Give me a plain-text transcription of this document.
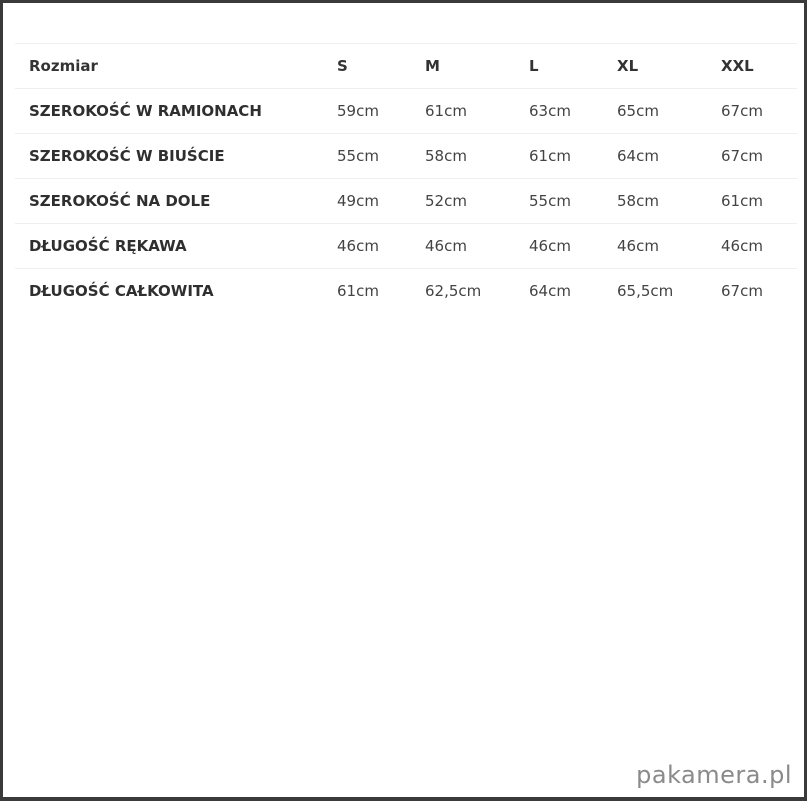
Rozmiar	S	M	L	XL	XXL
SZEROKOŚĆ W RAMIONACH	59cm	61cm	63cm	65cm	67cm
SZEROKOŚĆ W BIUŚCIE	55cm	58cm	61cm	64cm	67cm
SZEROKOŚĆ NA DOLE	49cm	52cm	55cm	58cm	61cm
DŁUGOŚĆ RĘKAWA	46cm	46cm	46cm	46cm	46cm
DŁUGOŚĆ CAŁKOWITA	61cm	62,5cm	64cm	65,5cm	67cm
pakamera.pl
